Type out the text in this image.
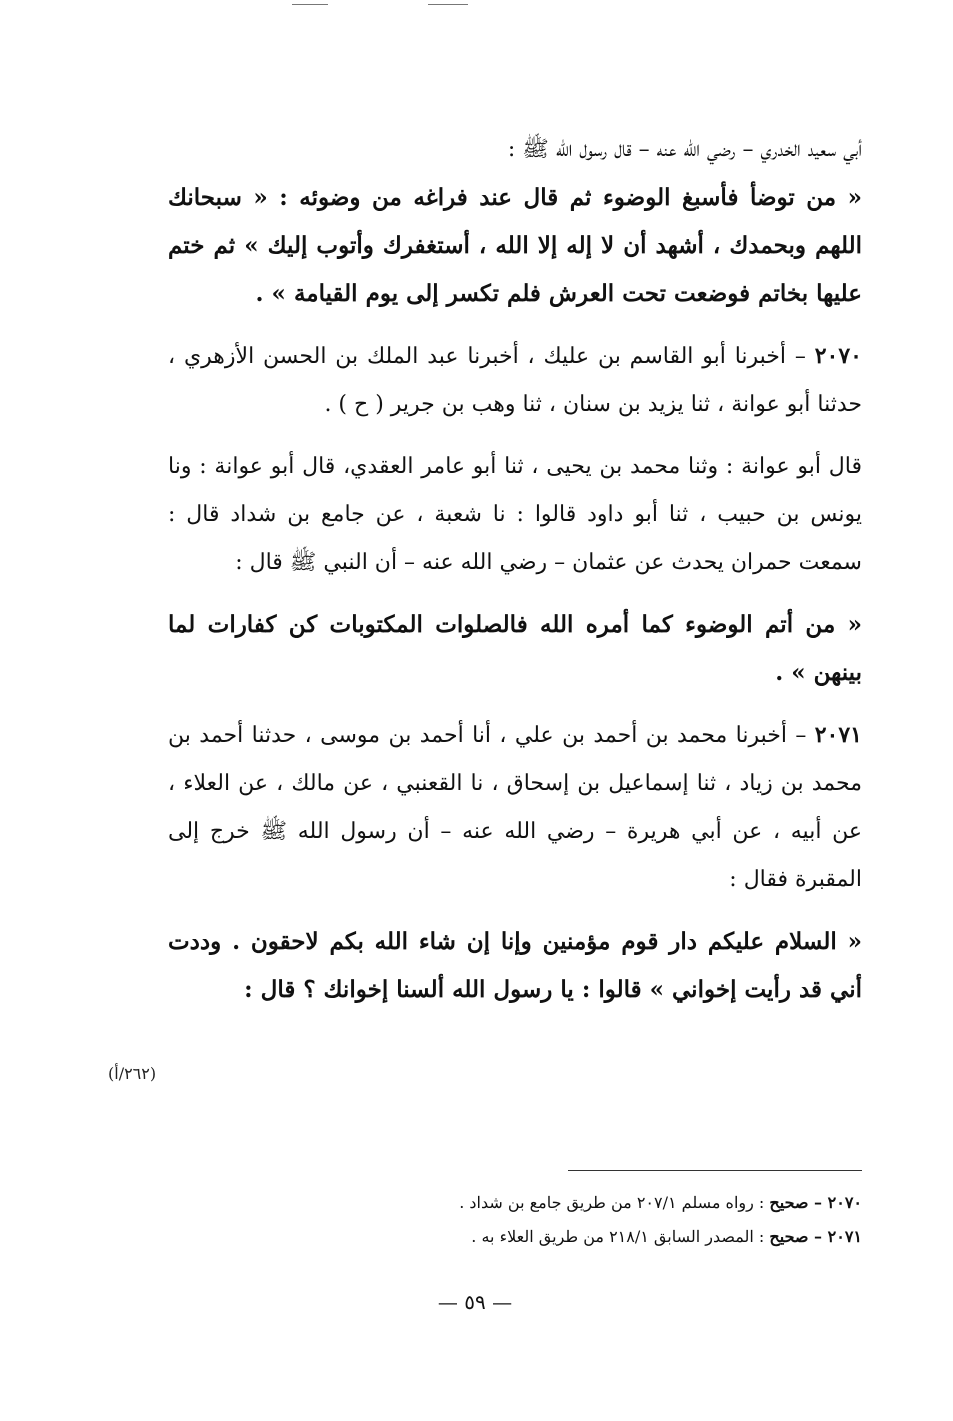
أبي سعيد الخدري – رضي الله عنه – قال رسول الله ﷺ :

« من توضأ فأسبغ الوضوء ثم قال عند فراغه من وضوئه : « سبحانك اللهم وبحمدك ، أشهد أن لا إله إلا الله ، أستغفرك وأتوب إليك » ثم ختم عليها بخاتم فوضعت تحت العرش فلم تكسر إلى يوم القيامة » .

٢٠٧٠ – أخبرنا أبو القاسم بن عليك ، أخبرنا عبد الملك بن الحسن الأزهري ، حدثنا أبو عوانة ، ثنا يزيد بن سنان ، ثنا وهب بن جرير ( ح ) .

قال أبو عوانة : وثنا محمد بن يحيى ، ثنا أبو عامر العقدي، قال أبو عوانة : ونا يونس بن حبيب ، ثنا أبو داود قالوا : نا شعبة ، عن جامع بن شداد قال : سمعت حمران يحدث عن عثمان – رضي الله عنه – أن النبي ﷺ قال :

« من أتم الوضوء كما أمره الله فالصلوات المكتوبات كن كفارات لما بينهن » .

٢٠٧١ – أخبرنا محمد بن أحمد بن علي ، أنا أحمد بن موسى ، حدثنا أحمد بن محمد بن زياد ، ثنا إسماعيل بن إسحاق ، نا القعنبي ، عن مالك ، عن العلاء ، عن أبيه ، عن أبي هريرة – رضي الله عنه – أن رسول الله ﷺ خرج إلى المقبرة فقال :

« السلام عليكم دار قوم مؤمنين وإنا إن شاء الله بكم لاحقون . وددت أني قد رأيت إخواني » قالوا : يا رسول الله ألسنا إخوانك ؟ قال :

(٢٦٢/أ)
٢٠٧٠ – صحيح : رواه مسلم ٢٠٧/١ من طريق جامع بن شداد .
٢٠٧١ – صحيح : المصدر السابق ٢١٨/١ من طريق العلاء به .
— ٥٩ —
